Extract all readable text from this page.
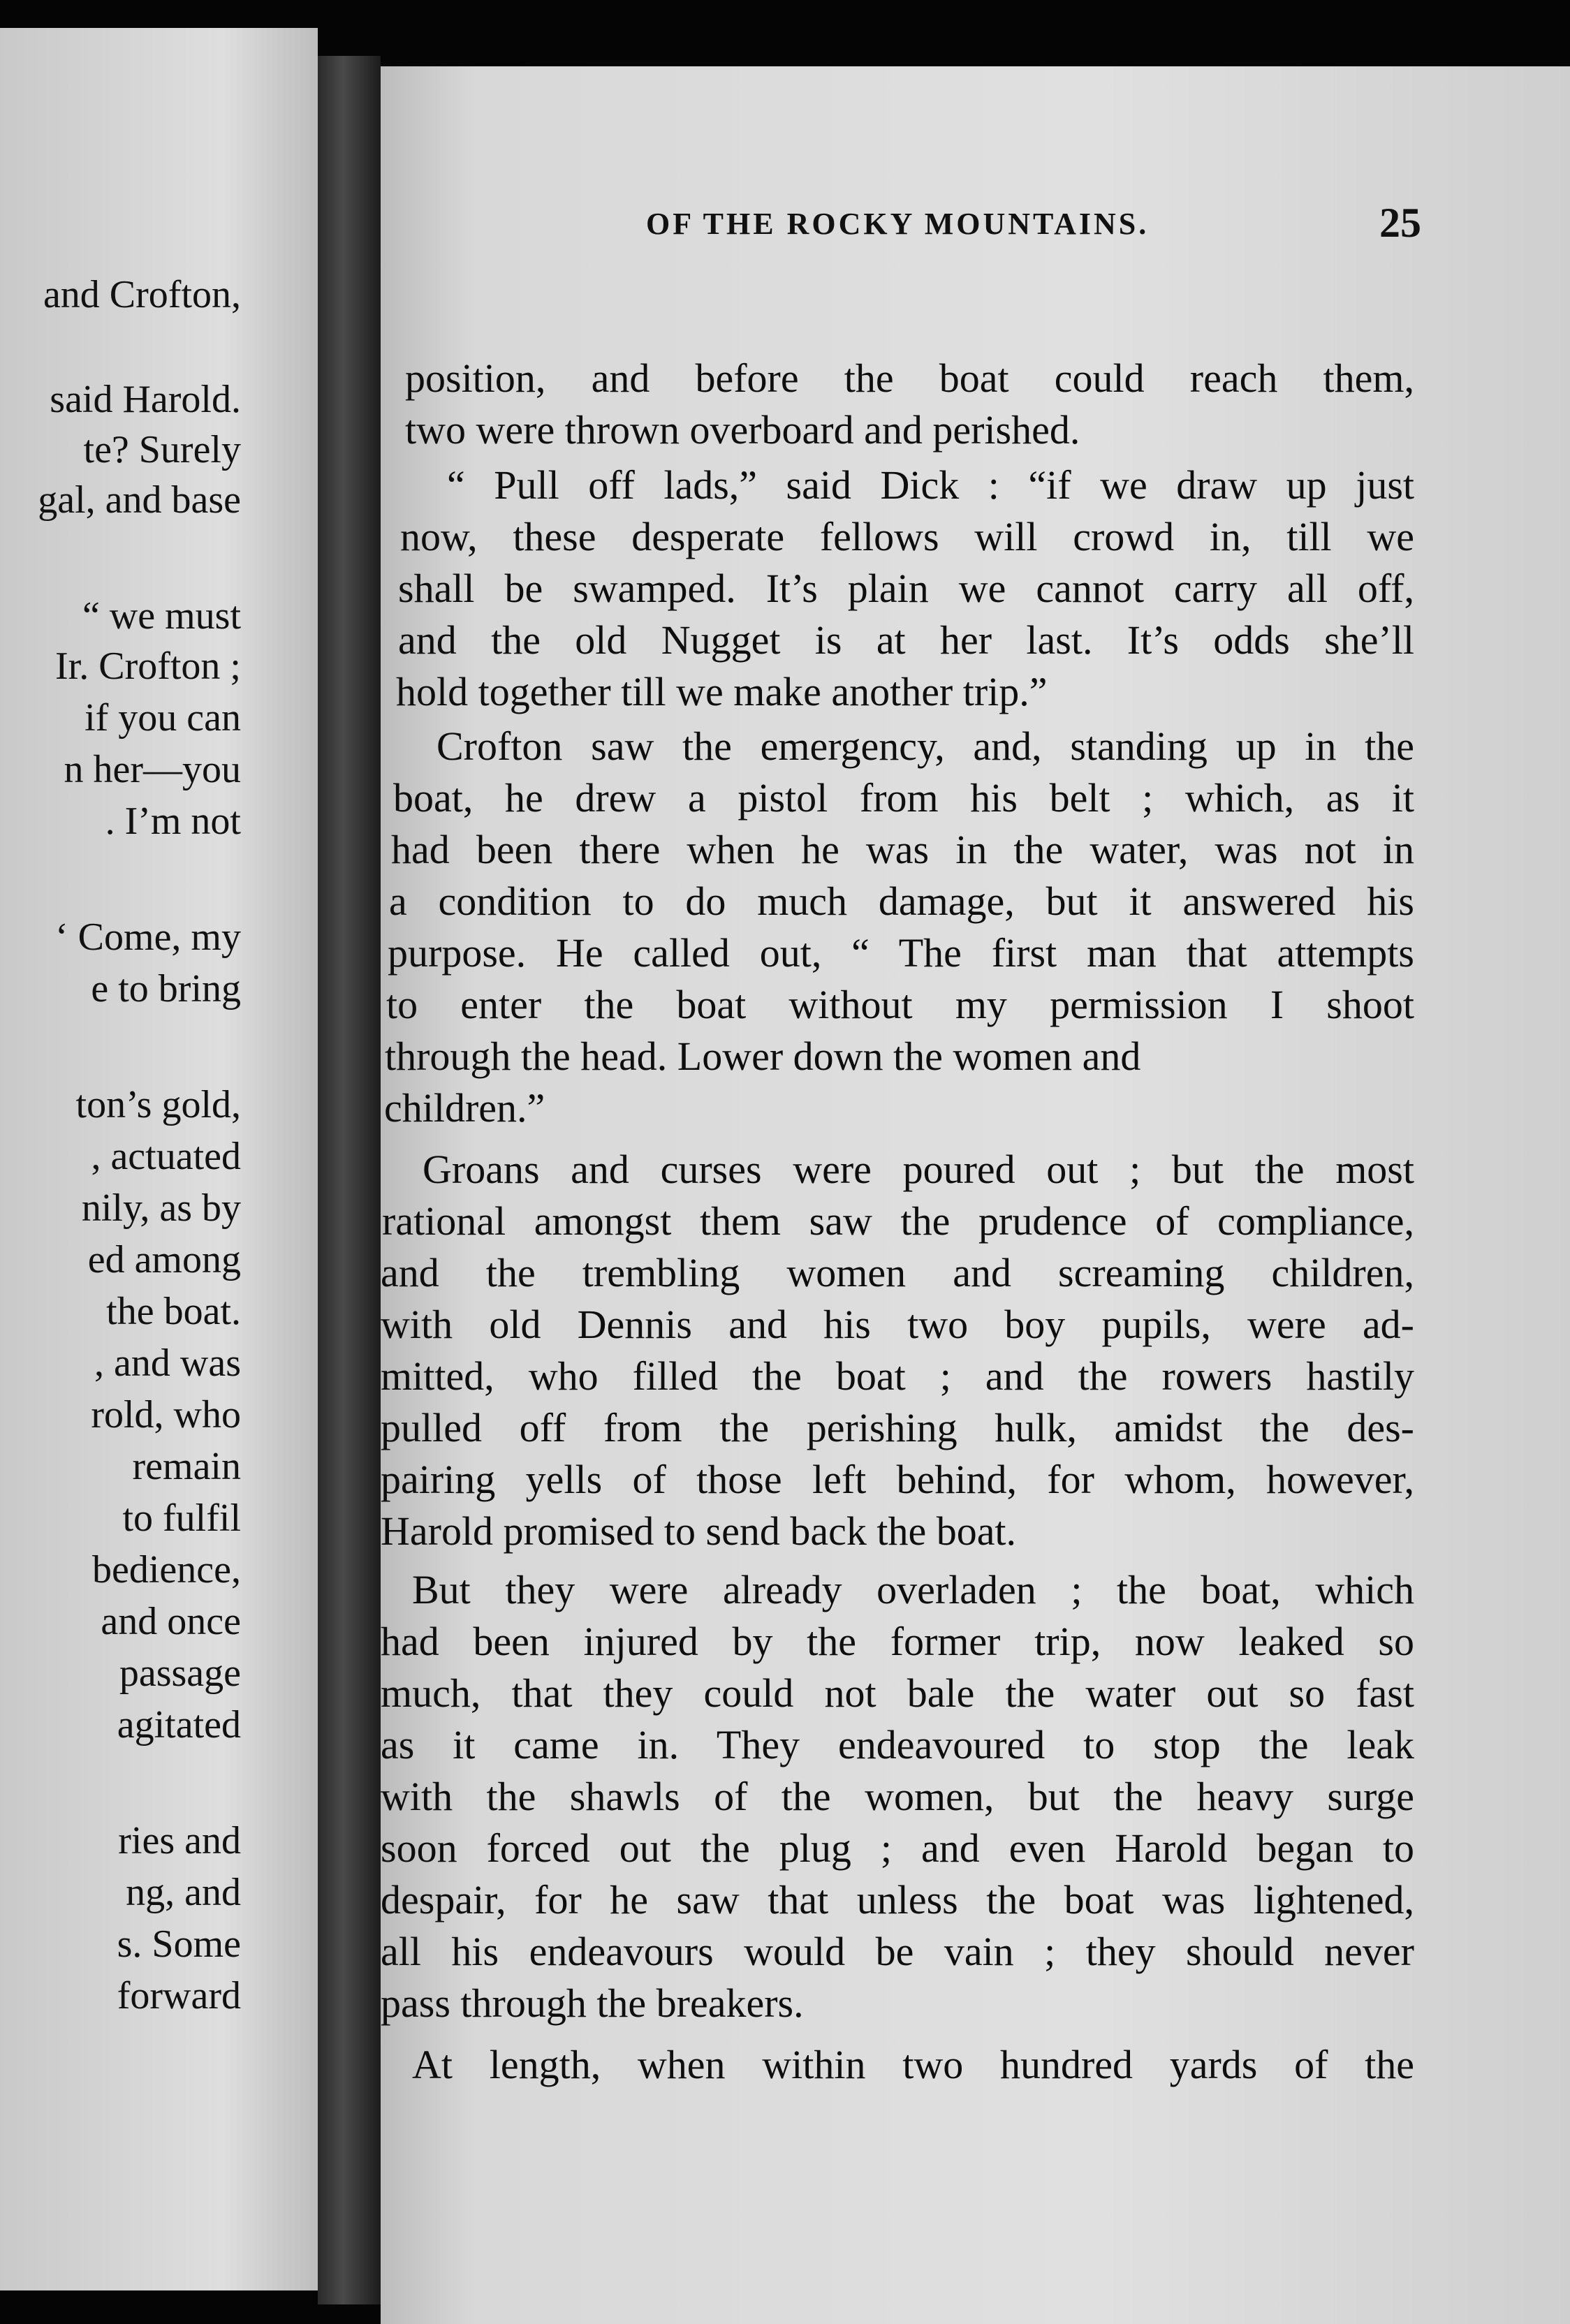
and Crofton,
said Harold.
te? Surely
gal, and base
“ we must
Ir. Crofton ;
if you can
n her—you
. I’m not
‘ Come, my
e to bring
ton’s gold,
, actuated
nily, as by
ed among
the boat.
, and was
rold, who
remain
to fulfil
bedience,
and once
passage
agitated
ries and
ng, and
s. Some
forward
OF THE ROCKY MOUNTAINS.	25
position, and before the boat could reach them,
two were thrown overboard and perished.
“ Pull off lads,” said Dick : “if we draw up just
now, these desperate fellows will crowd in, till we
shall be swamped. It’s plain we cannot carry all off,
and the old Nugget is at her last. It’s odds she’ll
hold together till we make another trip.”
Crofton saw the emergency, and, standing up in the
boat, he drew a pistol from his belt ; which, as it
had been there when he was in the water, was not in
a condition to do much damage, but it answered his
purpose. He called out, “ The first man that attempts
to enter the boat without my permission I shoot
through the head. Lower down the women and
children.”
Groans and curses were poured out ; but the most
rational amongst them saw the prudence of compliance,
and the trembling women and screaming children,
with old Dennis and his two boy pupils, were ad-
mitted, who filled the boat ; and the rowers hastily
pulled off from the perishing hulk, amidst the des-
pairing yells of those left behind, for whom, however,
Harold promised to send back the boat.
But they were already overladen ; the boat, which
had been injured by the former trip, now leaked so
much, that they could not bale the water out so fast
as it came in. They endeavoured to stop the leak
with the shawls of the women, but the heavy surge
soon forced out the plug ; and even Harold began to
despair, for he saw that unless the boat was lightened,
all his endeavours would be vain ; they should never
pass through the breakers.
At length, when within two hundred yards of the
